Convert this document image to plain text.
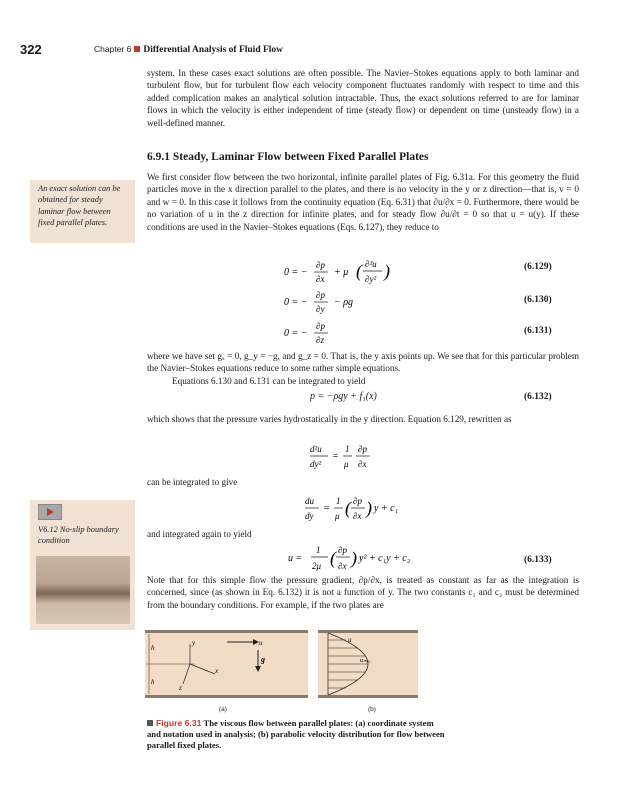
322	Chapter 6 Differential Analysis of Fluid Flow
system. In these cases exact solutions are often possible. The Navier–Stokes equations apply to both laminar and turbulent flow, but for turbulent flow each velocity component fluctuates randomly with respect to time and this added complication makes an analytical solution intractable. Thus, the exact solutions referred to are for laminar flows in which the velocity is either independent of time (steady flow) or dependent on time (unsteady flow) in a well-defined manner.
6.9.1 Steady, Laminar Flow between Fixed Parallel Plates
An exact solution can be obtained for steady laminar flow between fixed parallel plates.
We first consider flow between the two horizontal, infinite parallel plates of Fig. 6.31a. For this geometry the fluid particles move in the x direction parallel to the plates, and there is no velocity in the y or z direction—that is, v = 0 and w = 0. In this case it follows from the continuity equation (Eq. 6.31) that ∂u/∂x = 0. Furthermore, there would be no variation of u in the z direction for infinite plates, and for steady flow ∂u/∂t = 0 so that u = u(y). If these conditions are used in the Navier–Stokes equations (Eqs. 6.127), they reduce to
0 = −
∂p
∂x
+ μ ( ∂²u
∂y² )	(6.129)
0 = −
∂p
∂y
− ρg	(6.130)
0 = −
∂p
∂z
(6.131)
where we have set gₓ = 0, g_y = −g, and g_z = 0. That is, the y axis points up. We see that for this particular problem the Navier–Stokes equations reduce to some rather simple equations.
Equations 6.130 and 6.131 can be integrated to yield
p = −ρgy + f₁(x)	(6.132)
which shows that the pressure varies hydrostatically in the y direction. Equation 6.129, rewritten as
d²u
dy²
=
1
μ
∂p
∂x
can be integrated to give
du
dy
=
1
μ ( ∂p
∂x ) y + c₁
V6.12 No-slip boundary condition
and integrated again to yield
u =
1
2μ ( ∂p
∂x ) y² + c₁y + c₂	(6.133)
Note that for this simple flow the pressure gradient, ∂p/∂x, is treated as constant as far as the integration is concerned, since (as shown in Eq. 6.132) it is not a function of y. The two constants c₁ and c₂ must be determined from the boundary conditions. For example, if the two plates are
h
h
y
x
z
u
g
u
uₘₐₓ
(a)	(b)
Figure 6.31 The viscous flow between parallel plates: (a) coordinate system and notation used in analysis; (b) parabolic velocity distribution for flow between parallel fixed plates.
